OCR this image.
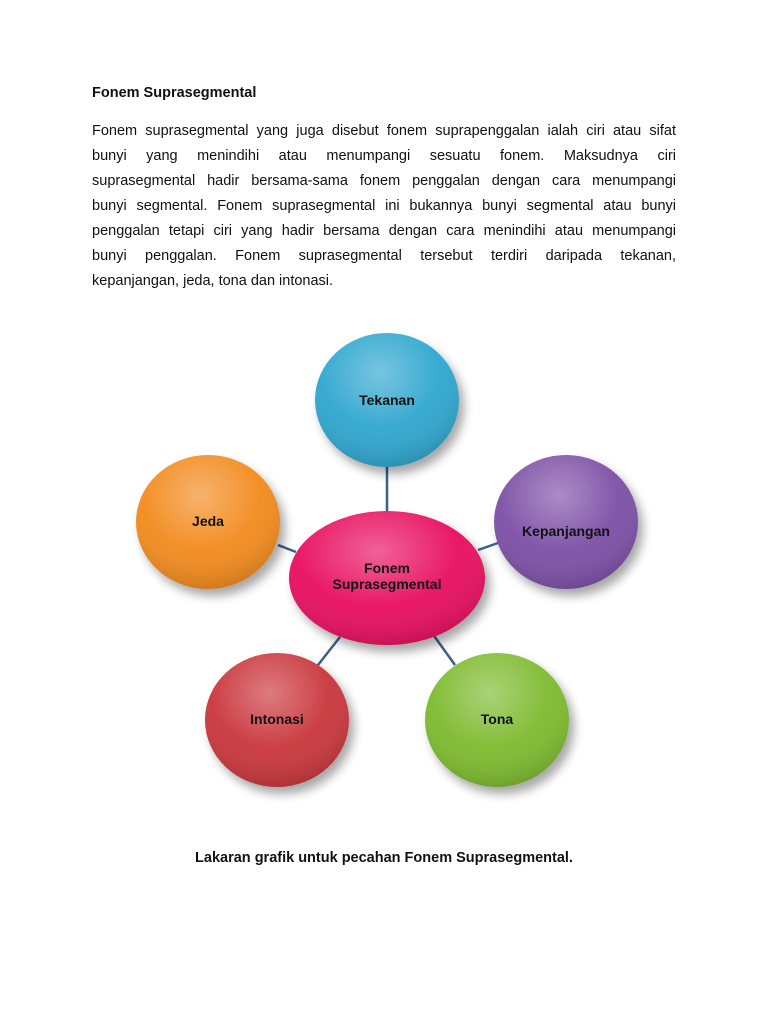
Fonem Suprasegmental
Fonem suprasegmental yang juga disebut fonem suprapenggalan ialah ciri atau sifat
bunyi yang menindihi atau menumpangi sesuatu fonem. Maksudnya ciri
suprasegmental hadir bersama-sama fonem penggalan dengan cara menumpangi
bunyi segmental. Fonem suprasegmental ini bukannya bunyi segmental atau bunyi
penggalan tetapi ciri yang hadir bersama dengan cara menindihi atau menumpangi
bunyi penggalan. Fonem suprasegmental tersebut terdiri daripada tekanan,
kepanjangan, jeda, tona dan intonasi.
Tekanan
Kepanjangan
Tona
Intonasi
Jeda
Fonem
Suprasegmental

Lakaran grafik untuk pecahan Fonem Suprasegmental.
